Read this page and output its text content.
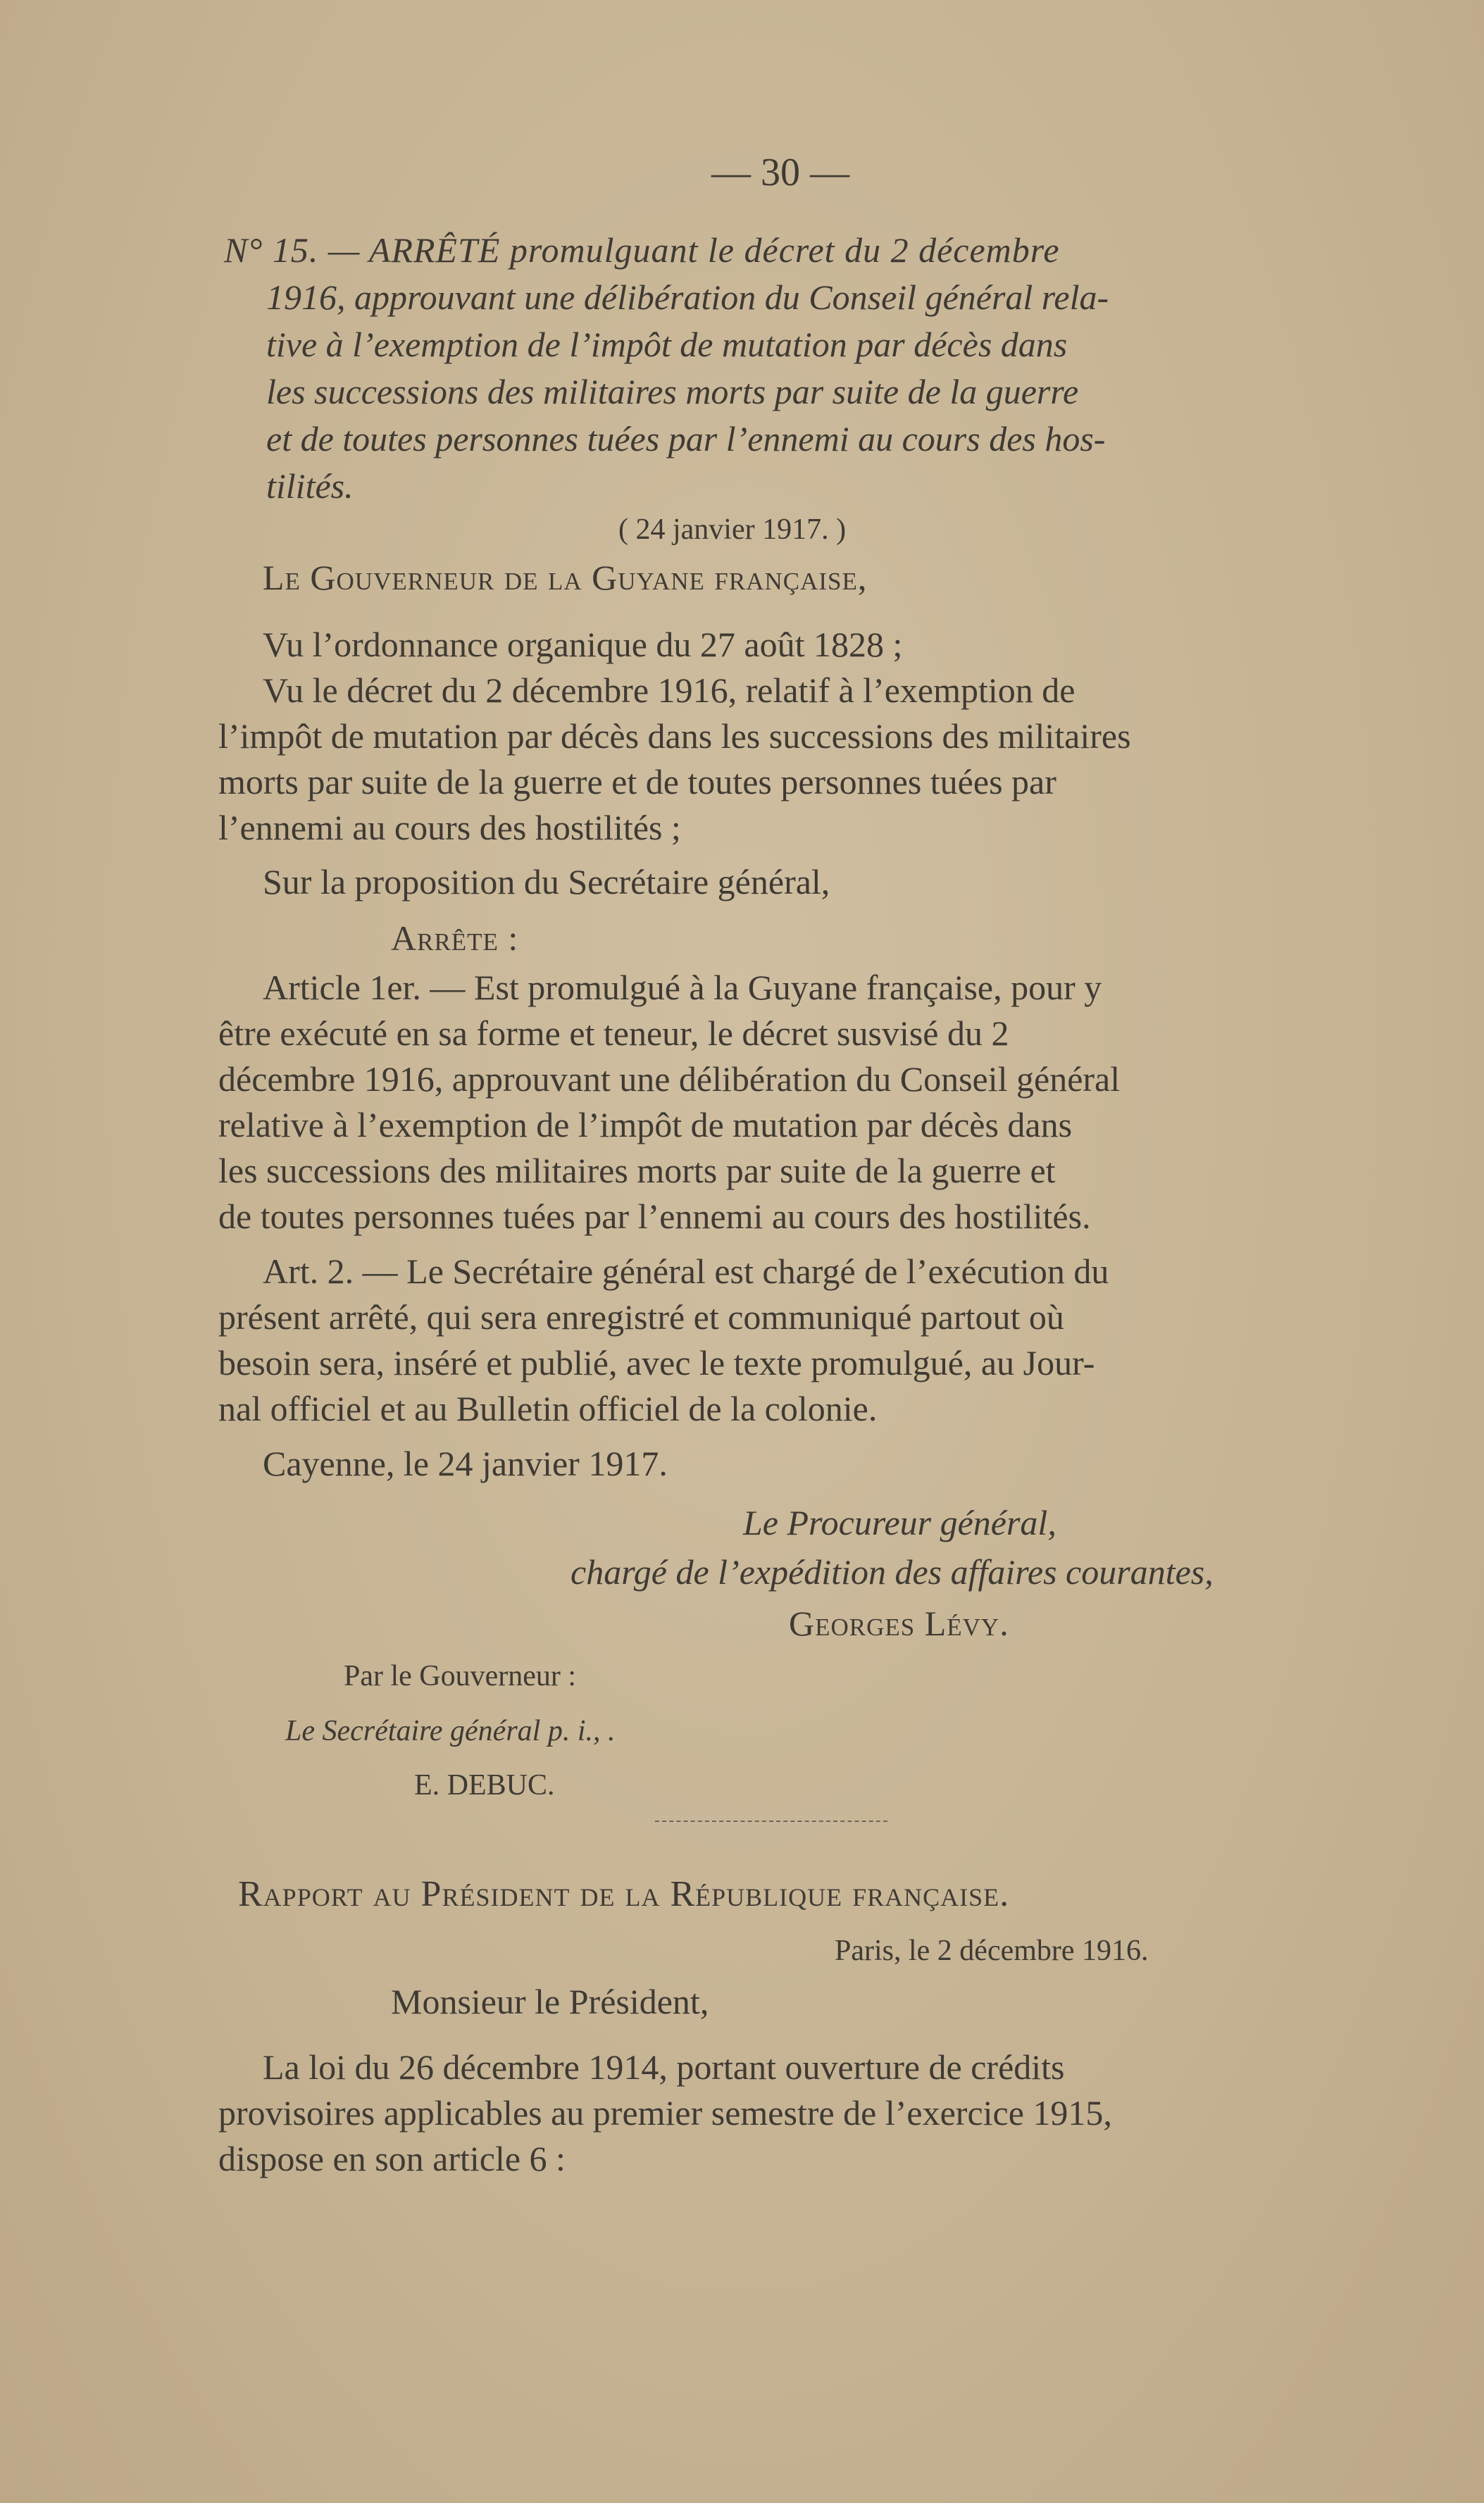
— 30 —
N° 15. — ARRÊTÉ promulguant le décret du 2 décembre
1916, approuvant une délibération du Conseil général rela-
tive à l’exemption de l’impôt de mutation par décès dans
les successions des militaires morts par suite de la guerre
et de toutes personnes tuées par l’ennemi au cours des hos-
tilités.
( 24 janvier 1917. )
Le Gouverneur de la Guyane française,
Vu l’ordonnance organique du 27 août 1828 ;
Vu le décret du 2 décembre 1916, relatif à l’exemption de
l’impôt de mutation par décès dans les successions des militaires
morts par suite de la guerre et de toutes personnes tuées par
l’ennemi au cours des hostilités ;
Sur la proposition du Secrétaire général,
Arrête :
Article 1er. — Est promulgué à la Guyane française, pour y
être exécuté en sa forme et teneur, le décret susvisé du 2
décembre 1916, approuvant une délibération du Conseil général
relative à l’exemption de l’impôt de mutation par décès dans
les successions des militaires morts par suite de la guerre et
de toutes personnes tuées par l’ennemi au cours des hostilités.
Art. 2. — Le Secrétaire général est chargé de l’exécution du
présent arrêté, qui sera enregistré et communiqué partout où
besoin sera, inséré et publié, avec le texte promulgué, au Jour-
nal officiel et au Bulletin officiel de la colonie.
Cayenne, le 24 janvier 1917.
Le Procureur général,
chargé de l’expédition des affaires courantes,
Georges Lévy.
Par le Gouverneur :
Le Secrétaire général p. i., .
E. DEBUC.
Rapport au Président de la République française.
Paris, le 2 décembre 1916.
Monsieur le Président,
La loi du 26 décembre 1914, portant ouverture de crédits
provisoires applicables au premier semestre de l’exercice 1915,
dispose en son article 6 :
